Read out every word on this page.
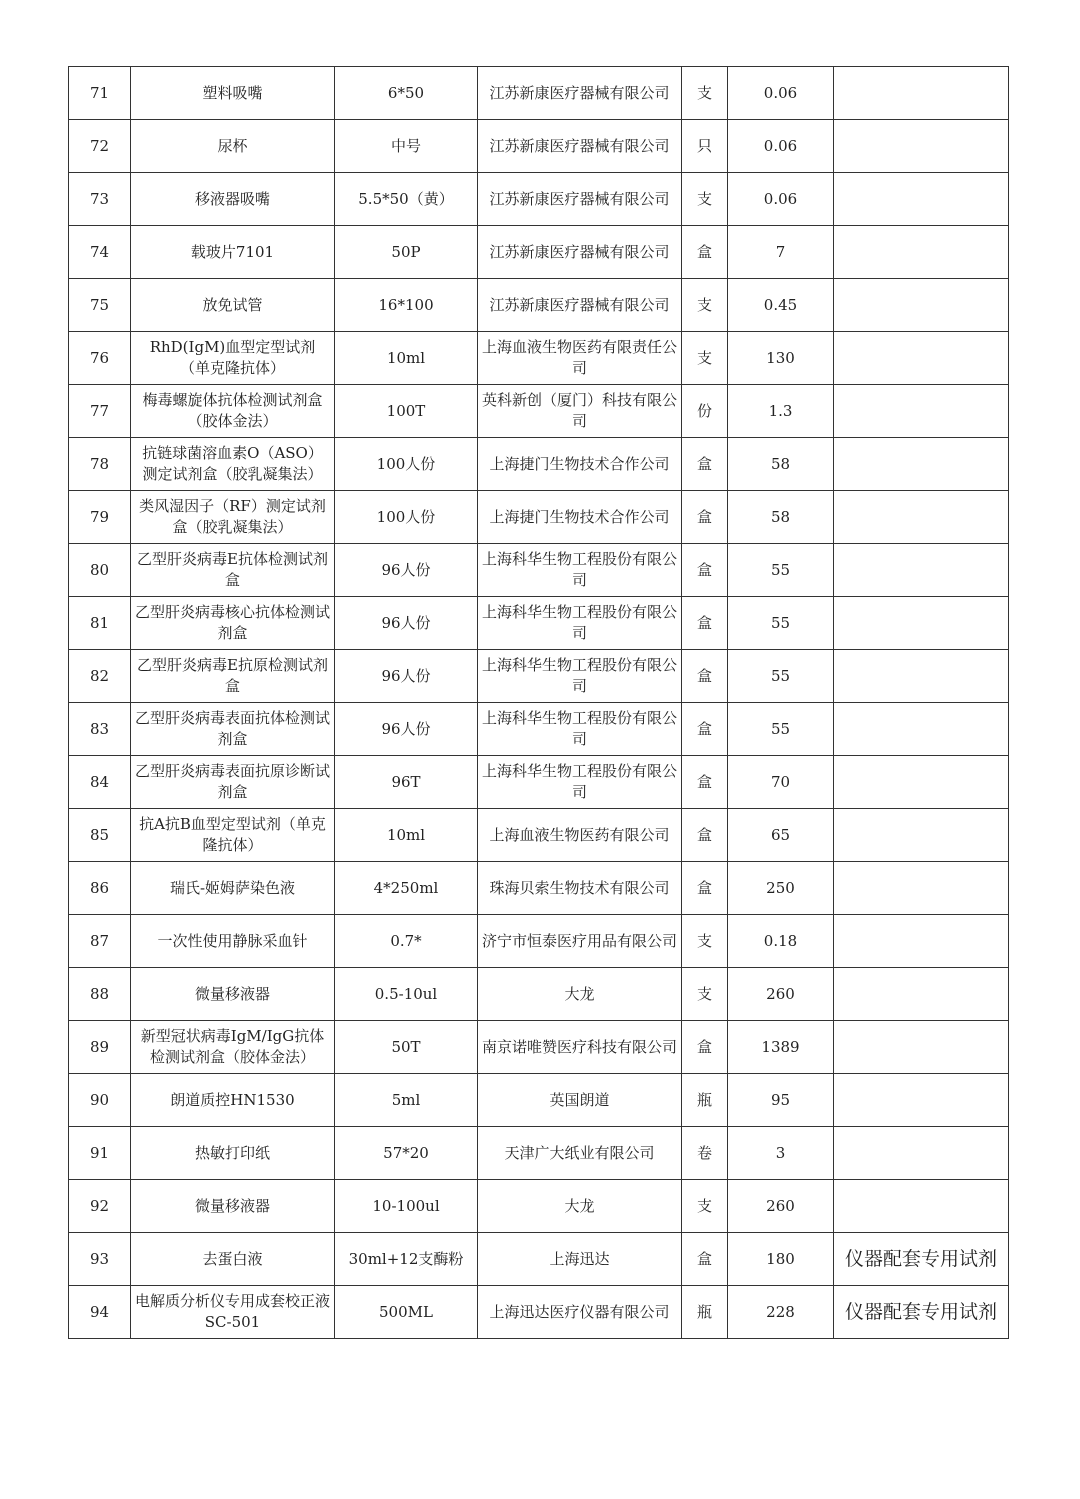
71	塑料吸嘴	6*50	江苏新康医疗器械有限公司	支	0.06	
72	尿杯	中号	江苏新康医疗器械有限公司	只	0.06	
73	移液器吸嘴	5.5*50（黄）	江苏新康医疗器械有限公司	支	0.06	
74	载玻片7101	50P	江苏新康医疗器械有限公司	盒	7	
75	放免试管	16*100	江苏新康医疗器械有限公司	支	0.45	
76	RhD(IgM)血型定型试剂（单克隆抗体）	10ml	上海血液生物医药有限责任公司	支	130	
77	梅毒螺旋体抗体检测试剂盒（胶体金法）	100T	英科新创（厦门）科技有限公司	份	1.3	
78	抗链球菌溶血素O（ASO）测定试剂盒（胶乳凝集法）	100人份	上海捷门生物技术合作公司	盒	58	
79	类风湿因子（RF）测定试剂盒（胶乳凝集法）	100人份	上海捷门生物技术合作公司	盒	58	
80	乙型肝炎病毒E抗体检测试剂盒	96人份	上海科华生物工程股份有限公司	盒	55	
81	乙型肝炎病毒核心抗体检测试剂盒	96人份	上海科华生物工程股份有限公司	盒	55	
82	乙型肝炎病毒E抗原检测试剂盒	96人份	上海科华生物工程股份有限公司	盒	55	
83	乙型肝炎病毒表面抗体检测试剂盒	96人份	上海科华生物工程股份有限公司	盒	55	
84	乙型肝炎病毒表面抗原诊断试剂盒	96T	上海科华生物工程股份有限公司	盒	70	
85	抗A抗B血型定型试剂（单克隆抗体）	10ml	上海血液生物医药有限公司	盒	65	
86	瑞氏-姬姆萨染色液	4*250ml	珠海贝索生物技术有限公司	盒	250	
87	一次性使用静脉采血针	0.7*	济宁市恒泰医疗用品有限公司	支	0.18	
88	微量移液器	0.5-10ul	大龙	支	260	
89	新型冠状病毒IgM/IgG抗体检测试剂盒（胶体金法）	50T	南京诺唯赞医疗科技有限公司	盒	1389	
90	朗道质控HN1530	5ml	英国朗道	瓶	95	
91	热敏打印纸	57*20	天津广大纸业有限公司	卷	3	
92	微量移液器	10-100ul	大龙	支	260	
93	去蛋白液	30ml+12支酶粉	上海迅达	盒	180	仪器配套专用试剂
94	电解质分析仪专用成套校正液SC-501	500ML	上海迅达医疗仪器有限公司	瓶	228	仪器配套专用试剂
